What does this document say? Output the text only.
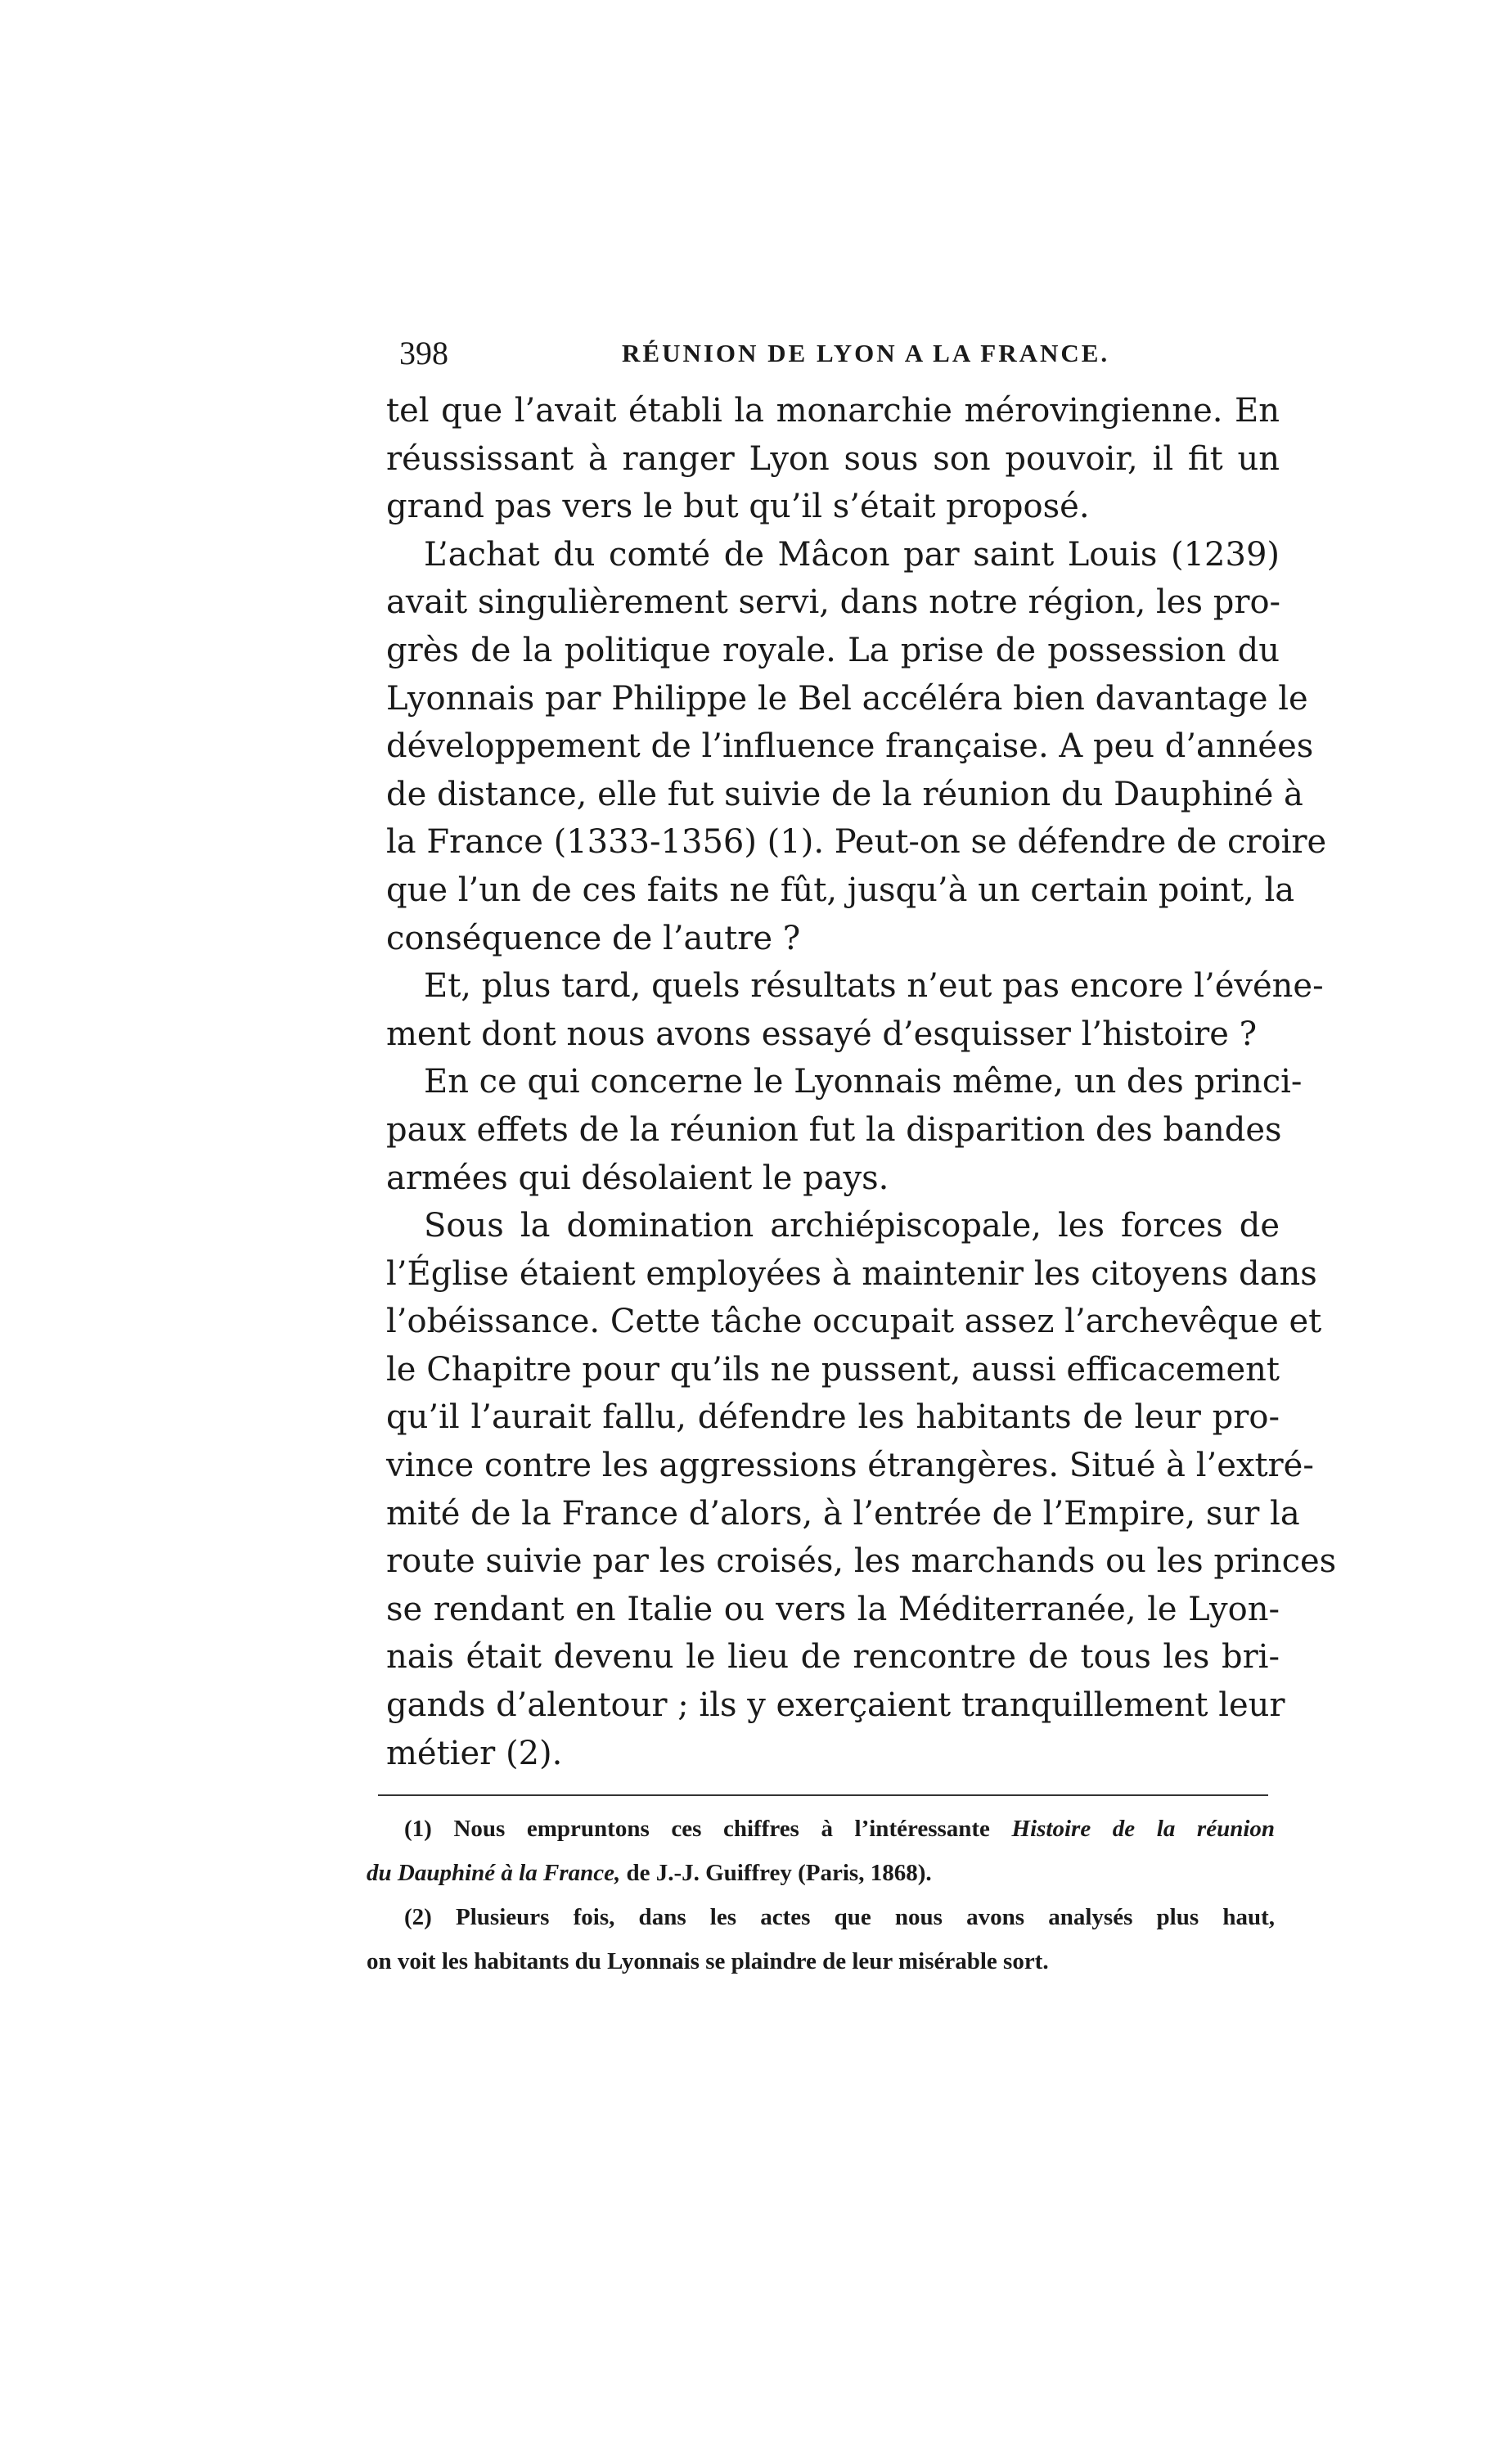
398	RÉUNION DE LYON A LA FRANCE.
tel que l’avait établi la monarchie mérovingienne. En
réussissant à ranger Lyon sous son pouvoir, il fit un
grand pas vers le but qu’il s’était proposé.
L’achat du comté de Mâcon par saint Louis (1239)
avait singulièrement servi, dans notre région, les pro-
grès de la politique royale. La prise de possession du
Lyonnais par Philippe le Bel accéléra bien davantage le
développement de l’influence française. A peu d’années
de distance, elle fut suivie de la réunion du Dauphiné à
la France (1333-1356) (1). Peut-on se défendre de croire
que l’un de ces faits ne fût, jusqu’à un certain point, la
conséquence de l’autre ?
Et, plus tard, quels résultats n’eut pas encore l’événe-
ment dont nous avons essayé d’esquisser l’histoire ?
En ce qui concerne le Lyonnais même, un des princi-
paux effets de la réunion fut la disparition des bandes
armées qui désolaient le pays.
Sous la domination archiépiscopale, les forces de
l’Église étaient employées à maintenir les citoyens dans
l’obéissance. Cette tâche occupait assez l’archevêque et
le Chapitre pour qu’ils ne pussent, aussi efficacement
qu’il l’aurait fallu, défendre les habitants de leur pro-
vince contre les aggressions étrangères. Situé à l’extré-
mité de la France d’alors, à l’entrée de l’Empire, sur la
route suivie par les croisés, les marchands ou les princes
se rendant en Italie ou vers la Méditerranée, le Lyon-
nais était devenu le lieu de rencontre de tous les bri-
gands d’alentour ; ils y exerçaient tranquillement leur
métier (2).
(1) Nous empruntons ces chiffres à l’intéressante Histoire de la réunion
du Dauphiné à la France, de J.-J. Guiffrey (Paris, 1868).
(2) Plusieurs fois, dans les actes que nous avons analysés plus haut,
on voit les habitants du Lyonnais se plaindre de leur misérable sort.
